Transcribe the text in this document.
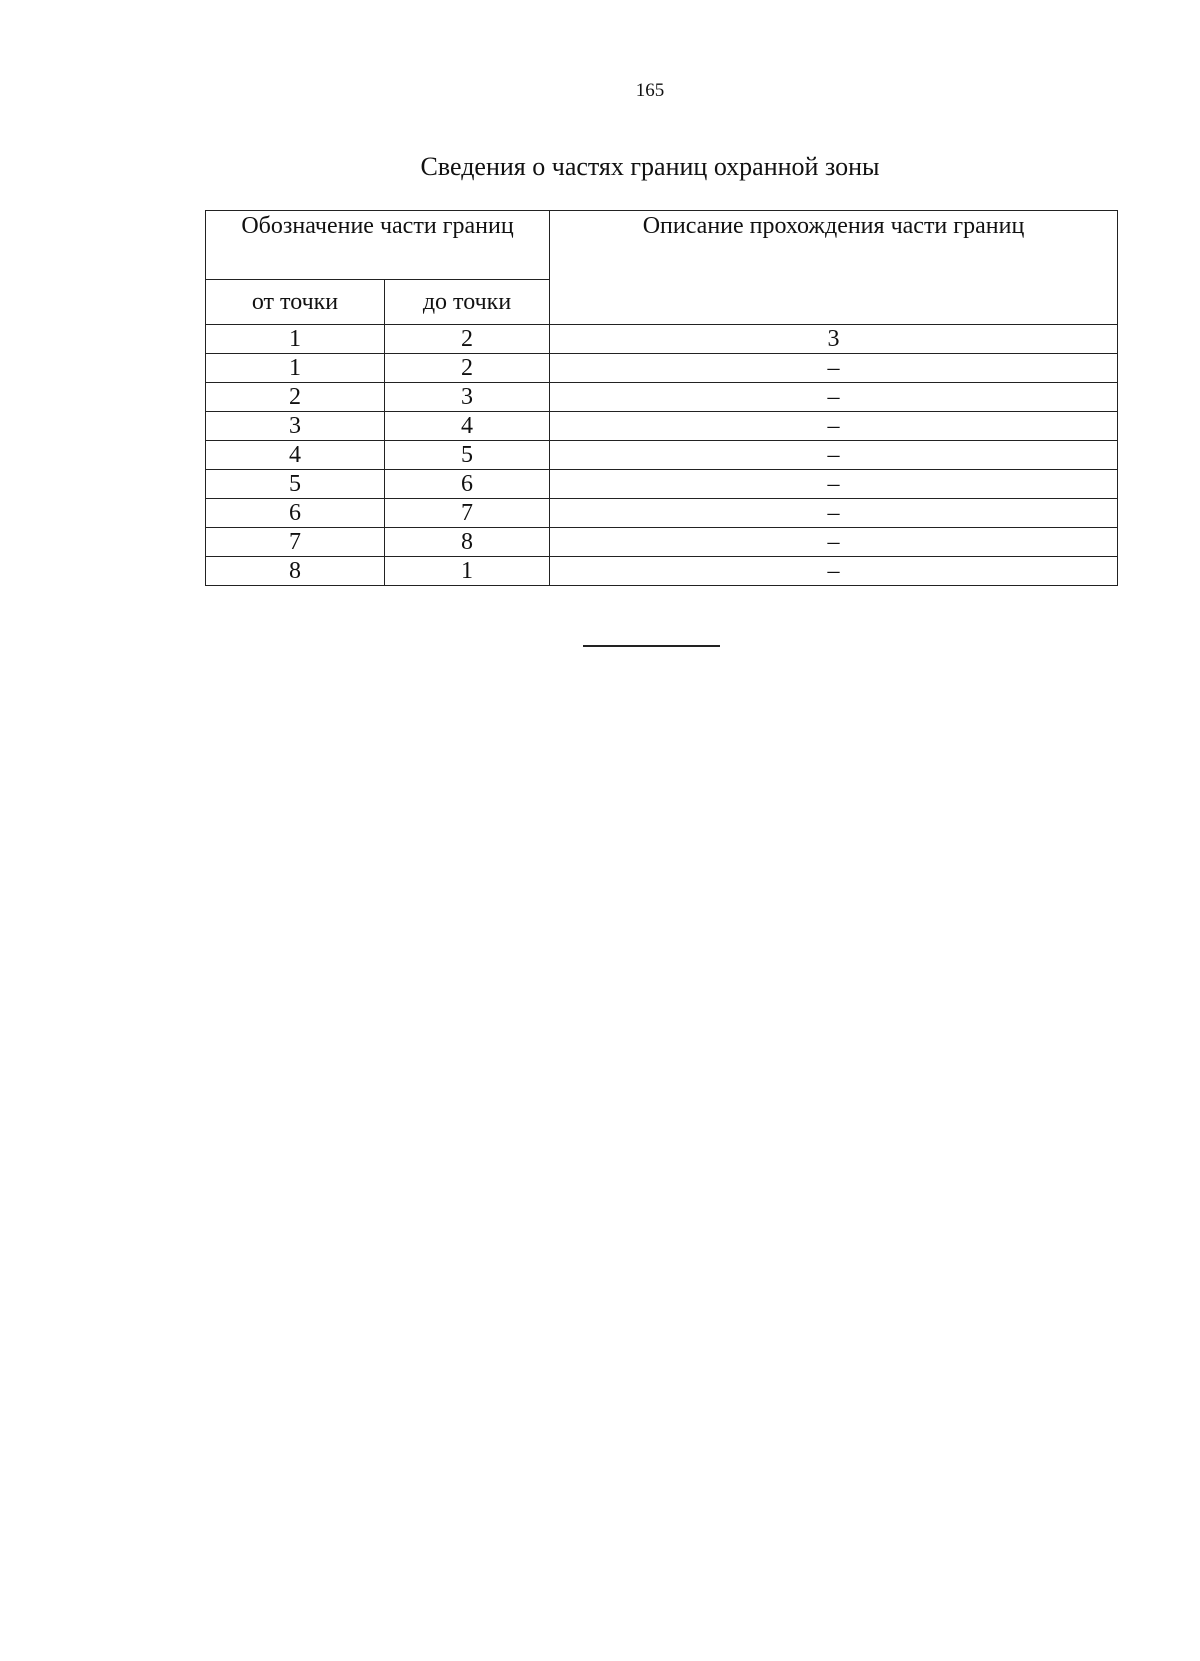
165
Сведения о частях границ охранной зоны
Обозначение части границ		Описание прохождения части границ
от точки	до точки	
1	2	3
1	2	–
2	3	–
3	4	–
4	5	–
5	6	–
6	7	–
7	8	–
8	1	–
